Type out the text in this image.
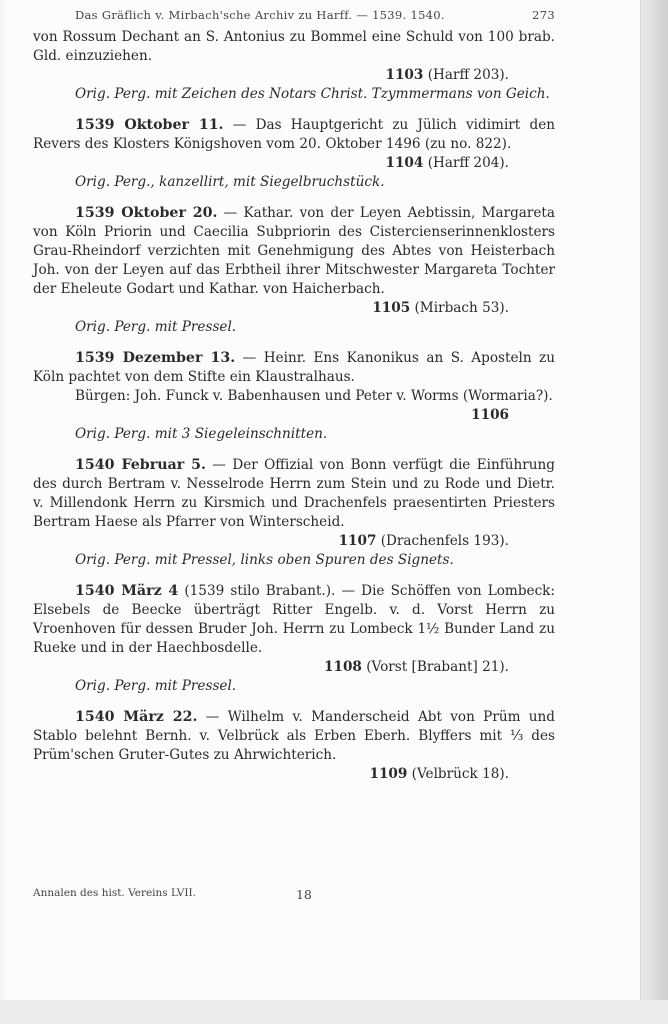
Das Gräflich v. Mirbach'sche Archiv zu Harff. — 1539. 1540.	273

von Rossum Dechant an S. Antonius zu Bommel eine Schuld von 100 brab. Gld. einzuziehen.

1103 (Harff 203).

Orig. Perg. mit Zeichen des Notars Christ. Tzymmermans von Geich.

1539 Oktober 11. — Das Hauptgericht zu Jülich vidimirt den Revers des Klosters Königshoven vom 20. Oktober 1496 (zu no. 822).

1104 (Harff 204).

Orig. Perg., kanzellirt, mit Siegelbruchstück.

1539 Oktober 20. — Kathar. von der Leyen Aebtissin, Margareta von Köln Priorin und Caecilia Subpriorin des Cistercienserinnenklosters Grau-Rheindorf verzichten mit Genehmigung des Abtes von Heisterbach Joh. von der Leyen auf das Erbtheil ihrer Mitschwester Margareta Tochter der Eheleute Godart und Kathar. von Haicherbach.

1105 (Mirbach 53).

Orig. Perg. mit Pressel.

1539 Dezember 13. — Heinr. Ens Kanonikus an S. Aposteln zu Köln pachtet von dem Stifte ein Klaustralhaus.

Bürgen: Joh. Funck v. Babenhausen und Peter v. Worms (Wormaria?).

1106

Orig. Perg. mit 3 Siegeleinschnitten.

1540 Februar 5. — Der Offizial von Bonn verfügt die Einführung des durch Bertram v. Nesselrode Herrn zum Stein und zu Rode und Dietr. v. Millendonk Herrn zu Kirsmich und Drachenfels praesentirten Priesters Bertram Haese als Pfarrer von Winterscheid.

1107 (Drachenfels 193).

Orig. Perg. mit Pressel, links oben Spuren des Signets.

1540 März 4 (1539 stilo Brabant.). — Die Schöffen von Lombeck: Elsebels de Beecke überträgt Ritter Engelb. v. d. Vorst Herrn zu Vroenhoven für dessen Bruder Joh. Herrn zu Lombeck 1½ Bunder Land zu Rueke und in der Haechbosdelle.

1108 (Vorst [Brabant] 21).

Orig. Perg. mit Pressel.

1540 März 22. — Wilhelm v. Manderscheid Abt von Prüm und Stablo belehnt Bernh. v. Velbrück als Erben Eberh. Blyffers mit ⅓ des Prüm'schen Gruter-Gutes zu Ahrwichterich.

1109 (Velbrück 18).

Annalen des hist. Vereins LVII.	18
